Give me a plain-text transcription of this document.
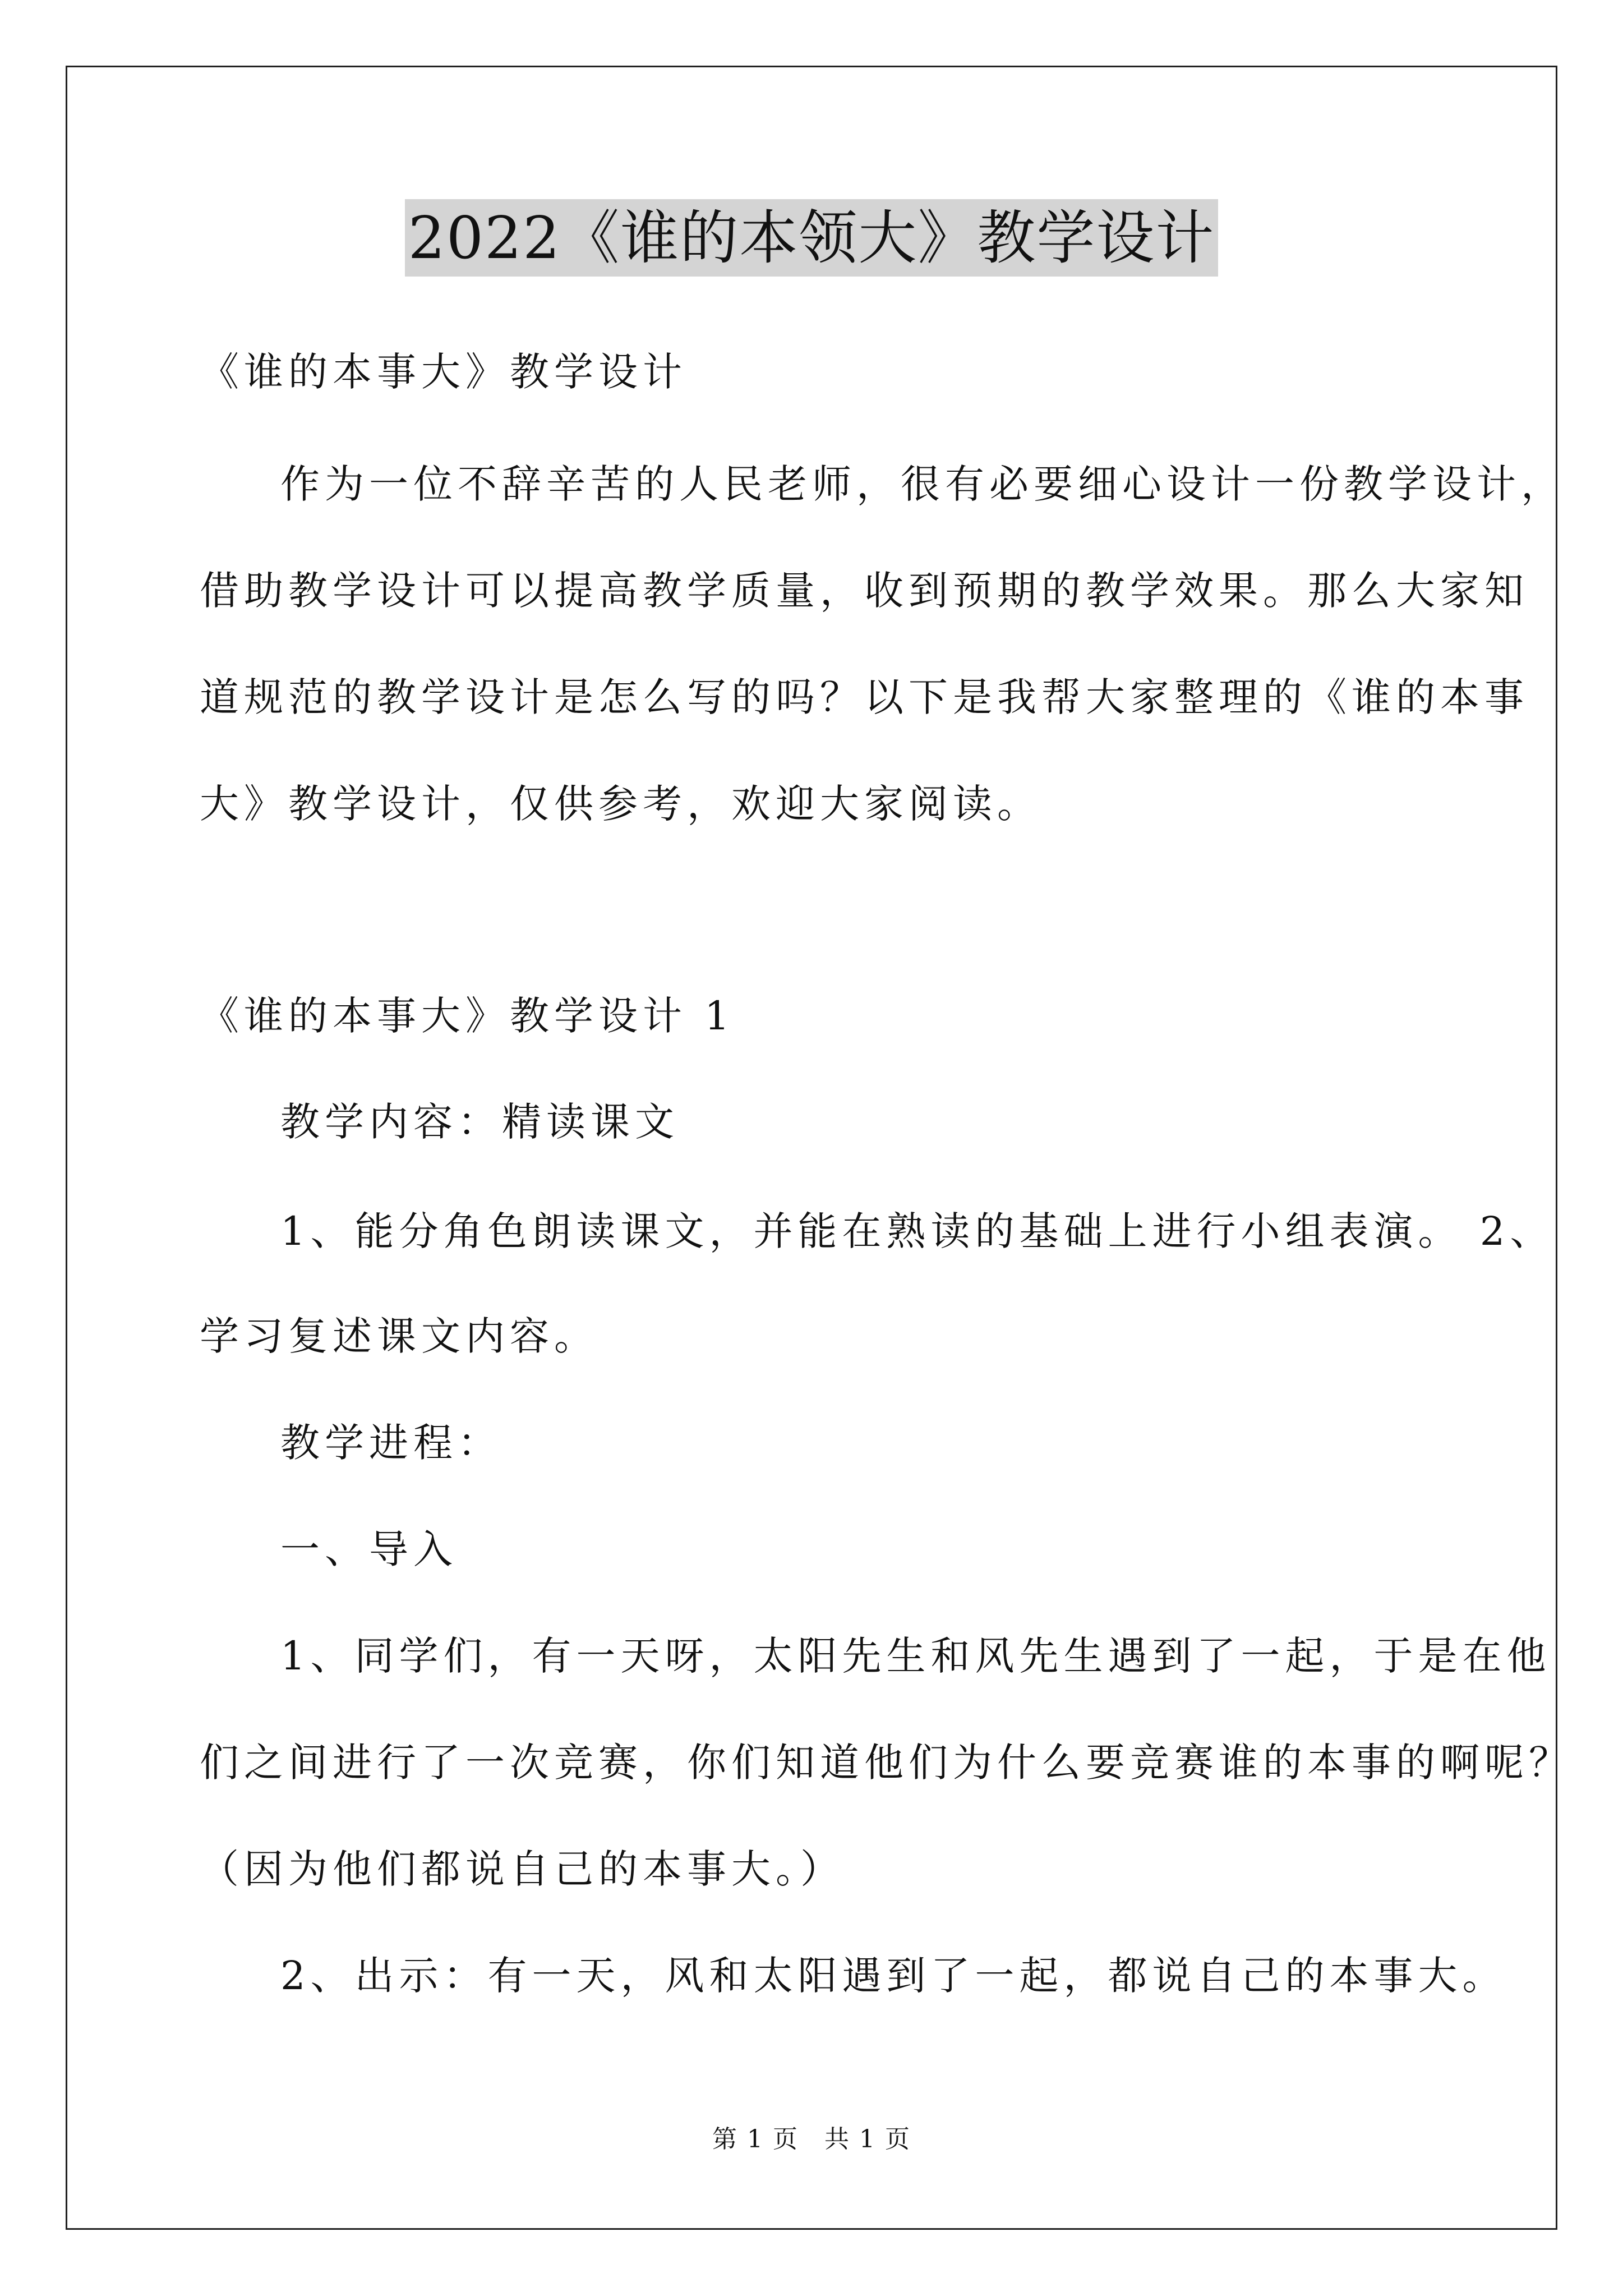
2022《谁的本领大》教学设计
《谁的本事大》教学设计
作为一位不辞辛苦的人民老师，很有必要细心设计一份教学设计，
借助教学设计可以提高教学质量，收到预期的教学效果。那么大家知
道规范的教学设计是怎么写的吗？以下是我帮大家整理的《谁的本事
大》教学设计，仅供参考，欢迎大家阅读。
《谁的本事大》教学设计 1
教学内容：精读课文
1、能分角色朗读课文，并能在熟读的基础上进行小组表演。 2、
学习复述课文内容。
教学进程：
一、导入
1、同学们，有一天呀，太阳先生和风先生遇到了一起，于是在他
们之间进行了一次竞赛，你们知道他们为什么要竞赛谁的本事的啊呢？
（因为他们都说自己的本事大。）
2、出示：有一天，风和太阳遇到了一起，都说自己的本事大。
第 1 页　共 1 页
